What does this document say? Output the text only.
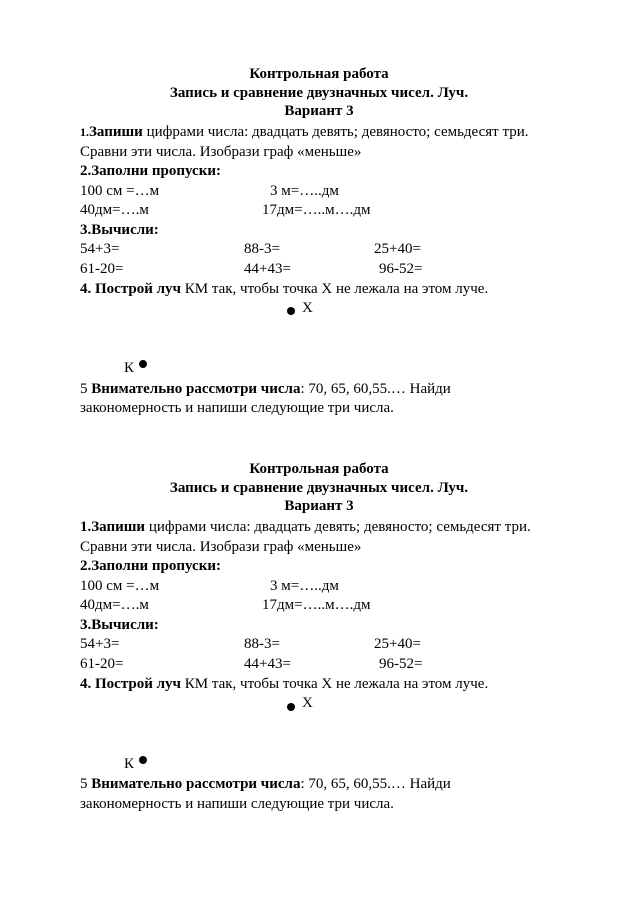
Контрольная работа
Запись и сравнение двузначных чисел. Луч.
Вариант 3
1.Запиши цифрами числа: двадцать девять; девяносто; семьдесят три.
Сравни эти числа. Изобрази граф «меньше»
2.Заполни пропуски:
100 см =…м	3 м=…..дм
40дм=….м	17дм=…..м….дм
3.Вычисли:
54+3=	88-3=	25+40=
61-20=	44+43=	96-52=
4. Построй луч КМ так, чтобы точка Х не лежала на этом луче.
Х
К
5 Внимательно рассмотри числа: 70, 65, 60,55.… Найди
закономерность и напиши следующие три числа.
Контрольная работа
Запись и сравнение двузначных чисел. Луч.
Вариант 3
1.Запиши цифрами числа: двадцать девять; девяносто; семьдесят три.
Сравни эти числа. Изобрази граф «меньше»
2.Заполни пропуски:
100 см =…м	3 м=…..дм
40дм=….м	17дм=…..м….дм
3.Вычисли:
54+3=	88-3=	25+40=
61-20=	44+43=	96-52=
4. Построй луч КМ так, чтобы точка Х не лежала на этом луче.
Х
К
5 Внимательно рассмотри числа: 70, 65, 60,55.… Найди
закономерность и напиши следующие три числа.
